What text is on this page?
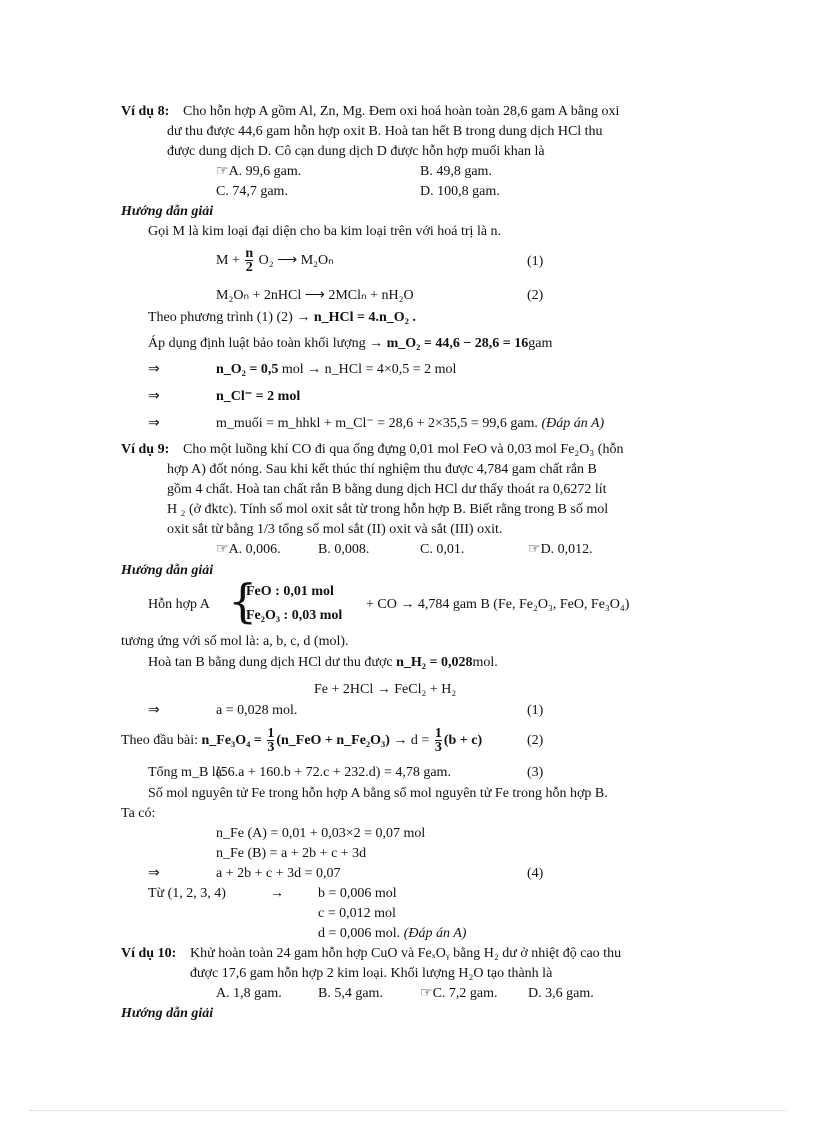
Ví dụ 8: Cho hỗn hợp A gồm Al, Zn, Mg. Đem oxi hoá hoàn toàn 28,6 gam A bằng oxi
dư thu được 44,6 gam hỗn hợp oxit B. Hoà tan hết B trong dung dịch HCl thu
được dung dịch D. Cô cạn dung dịch D được hỗn hợp muối khan là
☞A. 99,6 gam.	B. 49,8 gam.
C. 74,7 gam.	D. 100,8 gam.
Hướng dẫn giải
Gọi M là kim loại đại diện cho ba kim loại trên với hoá trị là n.
$M + \frac{n}{2} O_2$ ⟶ M₂Oₙ	(1)
M₂Oₙ + 2nHCl ⟶ 2MClₙ + nH₂O	(2)
Theo phương trình (1) (2) → n_HCl = 4.n_O₂ .
Áp dụng định luật bảo toàn khối lượng → m_O₂ = 44,6 − 28,6 = 16gam
⇒	n_O₂ = 0,5 mol → n_HCl = 4×0,5 = 2 mol
⇒	n_Cl⁻ = 2 mol
⇒	m_muối = m_hhkl + m_Cl⁻ = 28,6 + 2×35,5 = 99,6 gam. (Đáp án A)
Ví dụ 9: Cho một luồng khí CO đi qua ống đựng 0,01 mol FeO và 0,03 mol Fe₂O₃ (hỗn
hợp A) đốt nóng. Sau khi kết thúc thí nghiệm thu được 4,784 gam chất rắn B
gồm 4 chất. Hoà tan chất rắn B bằng dung dịch HCl dư thấy thoát ra 0,6272 lít
H ₂ (ở đktc). Tính số mol oxit sắt từ trong hỗn hợp B. Biết rằng trong B số mol
oxit sắt từ bằng 1/3 tổng số mol sắt (II) oxit và sắt (III) oxit.
☞A. 0,006.	B. 0,008.	C. 0,01.	☞D. 0,012.
Hướng dẫn giải
Hỗn hợp A {
FeO : 0,01 mol
Fe₂O₃ : 0,03 mol
+ CO → 4,784 gam B (Fe, Fe₂O₃, FeO, Fe₃O₄)
tương ứng với số mol là: a, b, c, d (mol).
Hoà tan B bằng dung dịch HCl dư thu được n_H₂ = 0,028mol.
Fe + 2HCl → FeCl₂ + H₂
⇒	a = 0,028 mol.	(1)
Theo đầu bài: n_Fe₃O₄ = $\frac{1}{3}$ (n_FeO + n_Fe₂O₃) → $d = \frac{1}{3} (b + c)$	(2)
Tổng m_B là:
(56.a + 160.b + 72.c + 232.d) = 4,78 gam.	(3)
Số mol nguyên tử Fe trong hỗn hợp A bằng số mol nguyên tử Fe trong hỗn hợp B.
Ta có:
n_Fe (A) = 0,01 + 0,03×2 = 0,07 mol
n_Fe (B) = a + 2b + c + 3d
⇒	a + 2b + c + 3d = 0,07	(4)
Từ (1, 2, 3, 4)	→ b = 0,006 mol
c = 0,012 mol
d = 0,006 mol. (Đáp án A)
Ví dụ 10: Khử hoàn toàn 24 gam hỗn hợp CuO và FeₓOᵧ bằng H₂ dư ở nhiệt độ cao thu
được 17,6 gam hỗn hợp 2 kim loại. Khối lượng H₂O tạo thành là
A. 1,8 gam.	B. 5,4 gam.	☞C. 7,2 gam. D. 3,6 gam.
Hướng dẫn giải
